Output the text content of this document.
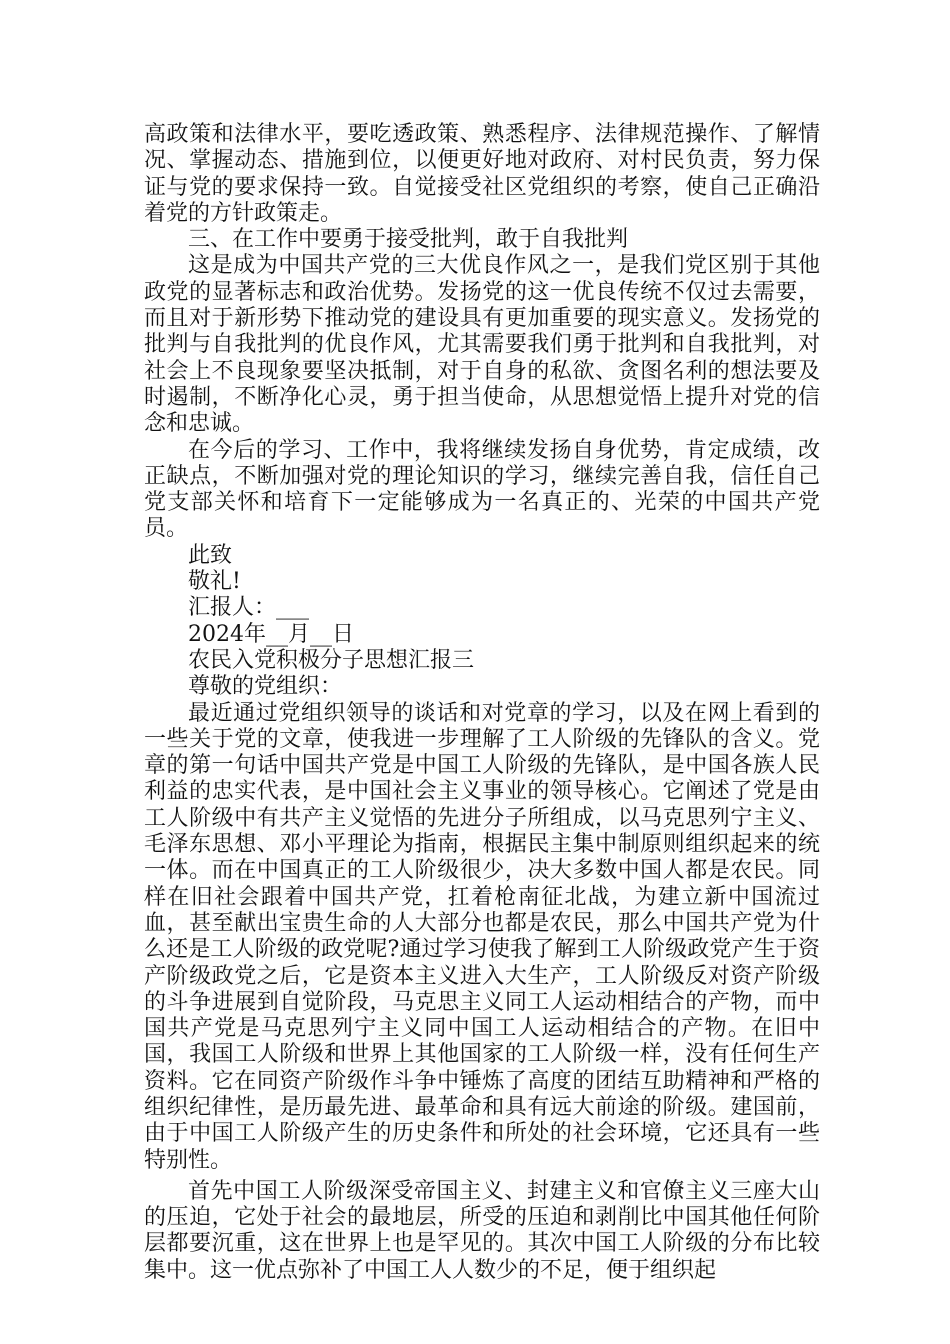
高政策和法律水平，要吃透政策、熟悉程序、法律规范操作、了解情况、掌握动态、措施到位，以便更好地对政府、对村民负责，努力保证与党的要求保持一致。自觉接受社区党组织的考察，使自己正确沿着党的方针政策走。

三、在工作中要勇于接受批判，敢于自我批判

这是成为中国共产党的三大优良作风之一，是我们党区别于其他政党的显著标志和政治优势。发扬党的这一优良传统不仅过去需要，而且对于新形势下推动党的建设具有更加重要的现实意义。发扬党的批判与自我批判的优良作风，尤其需要我们勇于批判和自我批判，对社会上不良现象要坚决抵制，对于自身的私欲、贪图名利的想法要及时遏制，不断净化心灵，勇于担当使命，从思想觉悟上提升对党的信念和忠诚。

在今后的学习、工作中，我将继续发扬自身优势，肯定成绩，改正缺点，不断加强对党的理论知识的学习，继续完善自我，信任自己党支部关怀和培育下一定能够成为一名真正的、光荣的中国共产党员。

此致

敬礼!

汇报人：___

2024年__月__日

农民入党积极分子思想汇报三

尊敬的党组织：

最近通过党组织领导的谈话和对党章的学习，以及在网上看到的一些关于党的文章，使我进一步理解了工人阶级的先锋队的含义。党章的第一句话中国共产党是中国工人阶级的先锋队，是中国各族人民利益的忠实代表，是中国社会主义事业的领导核心。它阐述了党是由工人阶级中有共产主义觉悟的先进分子所组成，以马克思列宁主义、毛泽东思想、邓小平理论为指南，根据民主集中制原则组织起来的统一体。而在中国真正的工人阶级很少，决大多数中国人都是农民。同样在旧社会跟着中国共产党，扛着枪南征北战，为建立新中国流过血，甚至献出宝贵生命的人大部分也都是农民，那么中国共产党为什么还是工人阶级的政党呢?通过学习使我了解到工人阶级政党产生于资产阶级政党之后，它是资本主义进入大生产，工人阶级反对资产阶级的斗争进展到自觉阶段，马克思主义同工人运动相结合的产物，而中国共产党是马克思列宁主义同中国工人运动相结合的产物。在旧中国，我国工人阶级和世界上其他国家的工人阶级一样，没有任何生产资料。它在同资产阶级作斗争中锤炼了高度的团结互助精神和严格的组织纪律性，是历最先进、最革命和具有远大前途的阶级。建国前，由于中国工人阶级产生的历史条件和所处的社会环境，它还具有一些特别性。

首先中国工人阶级深受帝国主义、封建主义和官僚主义三座大山的压迫，它处于社会的最地层，所受的压迫和剥削比中国其他任何阶层都要沉重，这在世界上也是罕见的。其次中国工人阶级的分布比较集中。这一优点弥补了中国工人人数少的不足，便于组织起
